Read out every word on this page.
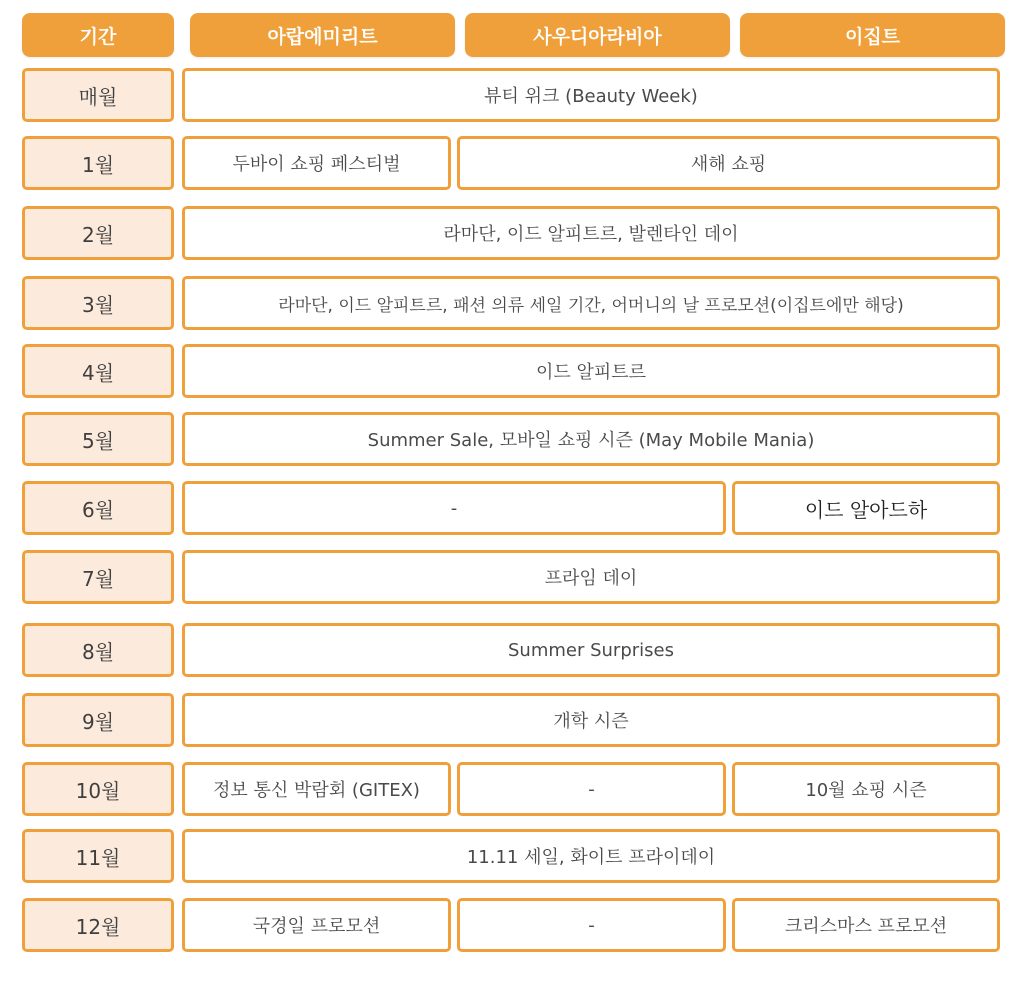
기간	아랍에미리트	사우디아라비아	이집트
매월	뷰티 위크 (Beauty Week)
1월	두바이 쇼핑 페스티벌	새해 쇼핑
2월	라마단, 이드 알피트르, 발렌타인 데이
3월	라마단, 이드 알피트르, 패션 의류 세일 기간, 어머니의 날 프로모션(이집트에만 해당)
4월	이드 알피트르
5월	Summer Sale, 모바일 쇼핑 시즌 (May Mobile Mania)
6월	-	이드 알아드하
7월	프라임 데이
8월	Summer Surprises
9월	개학 시즌
10월	정보 통신 박람회 (GITEX)	-	10월 쇼핑 시즌
11월	11.11 세일, 화이트 프라이데이
12월	국경일 프로모션	-	크리스마스 프로모션
